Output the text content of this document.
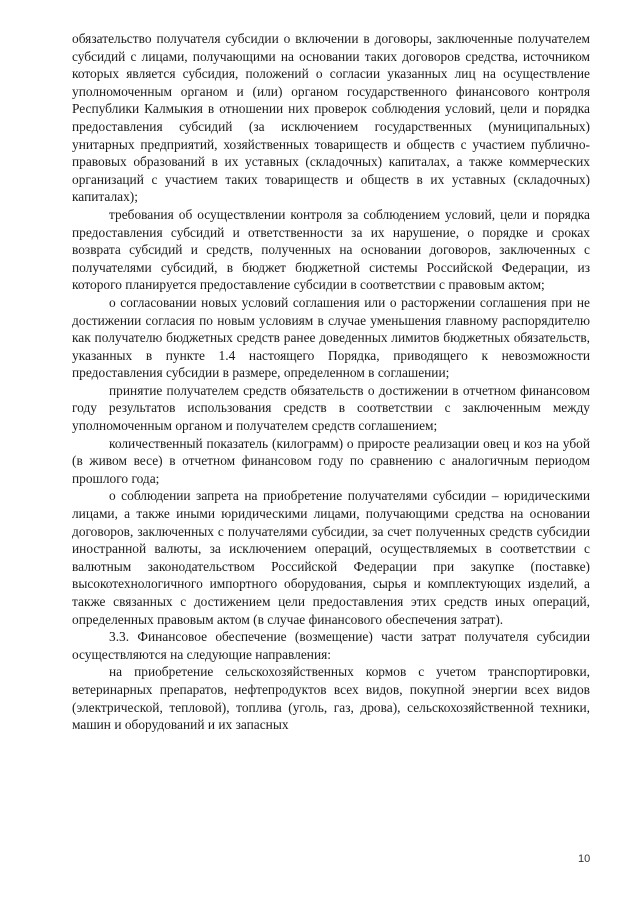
обязательство получателя субсидии о включении в договоры, заключенные получателем субсидий с лицами, получающими на основании таких договоров средства, источником которых является субсидия, положений о согласии указанных лиц на осуществление уполномоченным органом и (или) органом государственного финансового контроля Республики Калмыкия в отношении них проверок соблюдения условий, цели и порядка предоставления субсидий (за исключением государственных (муниципальных) унитарных предприятий, хозяйственных товариществ и обществ с участием публично-правовых образований в их уставных (складочных) капиталах, а также коммерческих организаций с участием таких товариществ и обществ в их уставных (складочных) капиталах);

требования об осуществлении контроля за соблюдением условий, цели и порядка предоставления субсидий и ответственности за их нарушение, о порядке и сроках возврата субсидий и средств, полученных на основании договоров, заключенных с получателями субсидий, в бюджет бюджетной системы Российской Федерации, из которого планируется предоставление субсидии в соответствии с правовым актом;

о согласовании новых условий соглашения или о расторжении соглашения при не достижении согласия по новым условиям в случае уменьшения главному распорядителю как получателю бюджетных средств ранее доведенных лимитов бюджетных обязательств, указанных в пункте 1.4 настоящего Порядка, приводящего к невозможности предоставления субсидии в размере, определенном в соглашении;

принятие получателем средств обязательств о достижении в отчетном финансовом году результатов использования средств в соответствии с заключенным между уполномоченным органом и получателем средств соглашением;

количественный показатель (килограмм) о приросте реализации овец и коз на убой (в живом весе) в отчетном финансовом году по сравнению с аналогичным периодом прошлого года;

о соблюдении запрета на приобретение получателями субсидии – юридическими лицами, а также иными юридическими лицами, получающими средства на основании договоров, заключенных с получателями субсидии, за счет полученных средств субсидии иностранной валюты, за исключением операций, осуществляемых в соответствии с валютным законодательством Российской Федерации при закупке (поставке) высокотехнологичного импортного оборудования, сырья и комплектующих изделий, а также связанных с достижением цели предоставления этих средств иных операций, определенных правовым актом (в случае финансового обеспечения затрат).

3.3. Финансовое обеспечение (возмещение) части затрат получателя субсидии осуществляются на следующие направления:

на приобретение сельскохозяйственных кормов с учетом транспортировки, ветеринарных препаратов, нефтепродуктов всех видов, покупной энергии всех видов (электрической, тепловой), топлива (уголь, газ, дрова), сельскохозяйственной техники, машин и оборудований и их запасных

10
